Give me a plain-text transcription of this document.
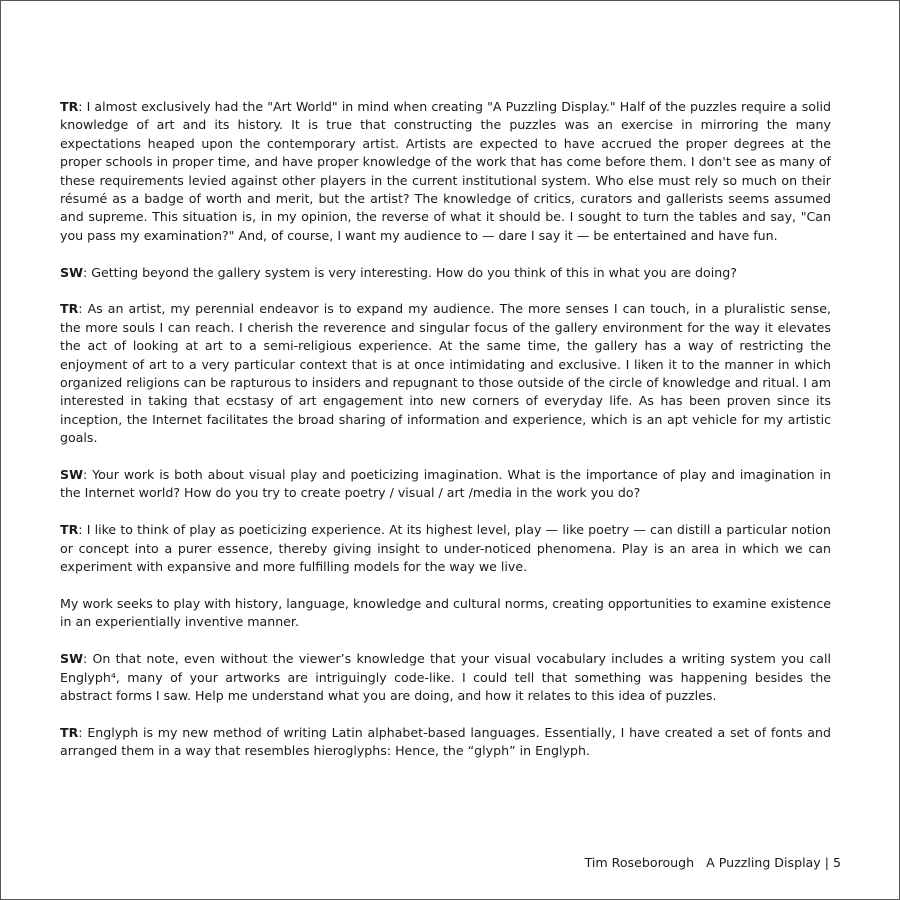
TR: I almost exclusively had the "Art World" in mind when creating "A Puzzling Display." Half of the puzzles require a solid knowledge of art and its history. It is true that constructing the puzzles was an exercise in mirroring the many expectations heaped upon the contemporary artist. Artists are expected to have accrued the proper degrees at the proper schools in proper time, and have proper knowledge of the work that has come before them. I don't see as many of these requirements levied against other players in the current institutional system. Who else must rely so much on their résumé as a badge of worth and merit, but the artist? The knowledge of critics, curators and gallerists seems assumed and supreme. This situation is, in my opinion, the reverse of what it should be. I sought to turn the tables and say, "Can you pass my examination?" And, of course, I want my audience to — dare I say it — be entertained and have fun.

SW: Getting beyond the gallery system is very interesting. How do you think of this in what you are doing?

TR: As an artist, my perennial endeavor is to expand my audience. The more senses I can touch, in a pluralistic sense, the more souls I can reach. I cherish the reverence and singular focus of the gallery environment for the way it elevates the act of looking at art to a semi-religious experience. At the same time, the gallery has a way of restricting the enjoyment of art to a very particular context that is at once intimidating and exclusive. I liken it to the manner in which organized religions can be rapturous to insiders and repugnant to those outside of the circle of knowledge and ritual. I am interested in taking that ecstasy of art engagement into new corners of everyday life. As has been proven since its inception, the Internet facilitates the broad sharing of information and experience, which is an apt vehicle for my artistic goals.

SW: Your work is both about visual play and poeticizing imagination. What is the importance of play and imagination in the Internet world? How do you try to create poetry / visual / art /media in the work you do?

TR: I like to think of play as poeticizing experience. At its highest level, play — like poetry — can distill a particular notion or concept into a purer essence, thereby giving insight to under-noticed phenomena. Play is an area in which we can experiment with expansive and more fulfilling models for the way we live.

My work seeks to play with history, language, knowledge and cultural norms, creating opportunities to examine existence in an experientially inventive manner.

SW: On that note, even without the viewer’s knowledge that your visual vocabulary includes a writing system you call Englyph⁴, many of your artworks are intriguingly code-like. I could tell that something was happening besides the abstract forms I saw. Help me understand what you are doing, and how it relates to this idea of puzzles.

TR: Englyph is my new method of writing Latin alphabet-based languages. Essentially, I have created a set of fonts and arranged them in a way that resembles hieroglyphs: Hence, the “glyph” in Englyph.

Tim Roseborough   A Puzzling Display | 5
